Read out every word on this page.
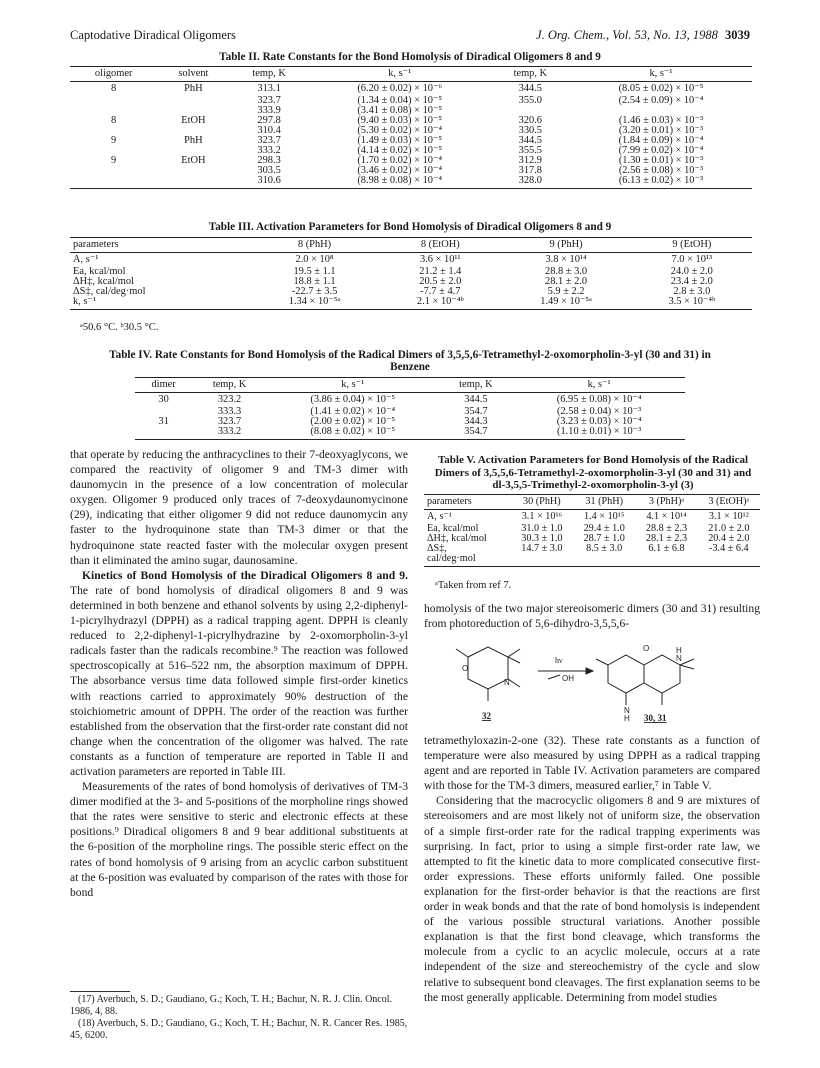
Captodative Diradical Oligomers	J. Org. Chem., Vol. 53, No. 13, 1988 3039
Table II. Rate Constants for the Bond Homolysis of Diradical Oligomers 8 and 9
oligomer	solvent	temp, K	k, s⁻¹	temp, K	k, s⁻¹
8	PhH	313.1	(6.20 ± 0.02) × 10⁻⁶	344.5	(8.05 ± 0.02) × 10⁻⁵
		323.7	(1.34 ± 0.04) × 10⁻⁵	355.0	(2.54 ± 0.09) × 10⁻⁴
		333.9	(3.41 ± 0.08) × 10⁻⁵		
8	EtOH	297.8	(9.40 ± 0.03) × 10⁻⁵	320.6	(1.46 ± 0.03) × 10⁻³
		310.4	(5.30 ± 0.02) × 10⁻⁴	330.5	(3.20 ± 0.01) × 10⁻³
9	PhH	323.7	(1.49 ± 0.03) × 10⁻⁵	344.5	(1.84 ± 0.09) × 10⁻⁴
		333.2	(4.14 ± 0.02) × 10⁻⁵	355.5	(7.99 ± 0.02) × 10⁻⁴
9	EtOH	298.3	(1.70 ± 0.02) × 10⁻⁴	312.9	(1.30 ± 0.01) × 10⁻³
		303.5	(3.46 ± 0.02) × 10⁻⁴	317.8	(2.56 ± 0.08) × 10⁻³
		310.6	(8.98 ± 0.08) × 10⁻⁴	328.0	(6.13 ± 0.02) × 10⁻³
Table III. Activation Parameters for Bond Homolysis of Diradical Oligomers 8 and 9
parameters	8 (PhH)	8 (EtOH)	9 (PhH)	9 (EtOH)
A, s⁻¹	2.0 × 10⁸	3.6 × 10¹¹	3.8 × 10¹⁴	7.0 × 10¹³
Ea, kcal/mol	19.5 ± 1.1	21.2 ± 1.4	28.8 ± 3.0	24.0 ± 2.0
ΔH‡, kcal/mol	18.8 ± 1.1	20.5 ± 2.0	28.1 ± 2.0	23.4 ± 2.0
ΔS‡, cal/deg·mol	-22.7 ± 3.5	-7.7 ± 4.7	5.9 ± 2.2	2.8 ± 3.0
k, s⁻¹	1.34 × 10⁻⁵ᵃ	2.1 × 10⁻⁴ᵇ	1.49 × 10⁻⁵ᵃ	3.5 × 10⁻⁴ᵇ
ᵃ50.6 °C. ᵇ30.5 °C.
Table IV. Rate Constants for Bond Homolysis of the Radical Dimers of 3,5,5,6-Tetramethyl-2-oxomorpholin-3-yl (30 and 31) in
Benzene
dimer	temp, K	k, s⁻¹	temp, K	k, s⁻¹
30	323.2	(3.86 ± 0.04) × 10⁻⁵	344.5	(6.95 ± 0.08) × 10⁻⁴
	333.3	(1.41 ± 0.02) × 10⁻⁴	354.7	(2.58 ± 0.04) × 10⁻³
31	323.7	(2.00 ± 0.02) × 10⁻⁵	344.3	(3.23 ± 0.03) × 10⁻⁴
	333.2	(8.08 ± 0.02) × 10⁻⁵	354.7	(1.10 ± 0.01) × 10⁻³

that operate by reducing the anthracyclines to their 7-deoxyaglycons, we compared the reactivity of oligomer 9 and TM-3 dimer with daunomycin in the presence of a low concentration of molecular oxygen. Oligomer 9 produced only traces of 7-deoxydaunomycinone (29), indicating that either oligomer 9 did not reduce daunomycin any faster to the hydroquinone state than TM-3 dimer or that the hydroquinone state reacted faster with the molecular oxygen present than it eliminated the amino sugar, daunosamine.

Kinetics of Bond Homolysis of the Diradical Oligomers 8 and 9. The rate of bond homolysis of diradical oligomers 8 and 9 was determined in both benzene and ethanol solvents by using 2,2-diphenyl-1-picrylhydrazyl (DPPH) as a radical trapping agent. DPPH is cleanly reduced to 2,2-diphenyl-1-picrylhydrazine by 2-oxomorpholin-3-yl radicals faster than the radicals recombine.⁹ The reaction was followed spectroscopically at 516–522 nm, the absorption maximum of DPPH. The absorbance versus time data followed simple first-order kinetics with reactions carried to approximately 90% destruction of the stoichiometric amount of DPPH. The order of the reaction was further established from the observation that the first-order rate constant did not change when the concentration of the oligomer was halved. The rate constants as a function of temperature are reported in Table II and activation parameters are reported in Table III.

Measurements of the rates of bond homolysis of derivatives of TM-3 dimer modified at the 3- and 5-positions of the morpholine rings showed that the rates were sensitive to steric and electronic effects at these positions.⁹ Diradical oligomers 8 and 9 bear additional substituents at the 6-position of the morpholine rings. The possible steric effect on the rates of bond homolysis of 9 arising from an acyclic carbon substituent at the 6-position was evaluated by comparison of the rates with those for bond

(17) Averbuch, S. D.; Gaudiano, G.; Koch, T. H.; Bachur, N. R. J. Clin. Oncol. 1986, 4, 88.

(18) Averbuch, S. D.; Gaudiano, G.; Koch, T. H.; Bachur, N. R. Cancer Res. 1985, 45, 6200.

Table V. Activation Parameters for Bond Homolysis of the Radical Dimers of 3,5,5,6-Tetramethyl-2-oxomorpholin-3-yl (30 and 31) and dl-3,5,5-Trimethyl-2-oxomorpholin-3-yl (3)
parameters	30 (PhH)	31 (PhH)	3 (PhH)ᵃ	3 (EtOH)ᵃ
A, s⁻¹	3.1 × 10¹⁶	1.4 × 10¹⁵	4.1 × 10¹⁴	3.1 × 10¹²
Ea, kcal/mol	31.0 ± 1.0	29.4 ± 1.0	28.8 ± 2.3	21.0 ± 2.0
ΔH‡, kcal/mol	30.3 ± 1.0	28.7 ± 1.0	28.1 ± 2.3	20.4 ± 2.0
ΔS‡,	14.7 ± 3.0	8.5 ± 3.0	6.1 ± 6.8	-3.4 ± 6.4
cal/deg·mol				
ᵃTaken from ref 7.

homolysis of the two major stereoisomeric dimers (30 and 31) resulting from photoreduction of 5,6-dihydro-3,5,5,6-

O
N
O	H
N
N
H
hν
OH
32	30, 31

tetramethyloxazin-2-one (32). These rate constants as a function of temperature were also measured by using DPPH as a radical trapping agent and are reported in Table IV. Activation parameters are compared with those for the TM-3 dimers, measured earlier,⁷ in Table V.

Considering that the macrocyclic oligomers 8 and 9 are mixtures of stereoisomers and are most likely not of uniform size, the observation of a simple first-order rate for the radical trapping experiments was surprising. In fact, prior to using a simple first-order rate law, we attempted to fit the kinetic data to more complicated consecutive first-order expressions. These efforts uniformly failed. One possible explanation for the first-order behavior is that the reactions are first order in weak bonds and that the rate of bond homolysis is independent of the various possible structural variations. Another possible explanation is that the first bond cleavage, which transforms the molecule from a cyclic to an acyclic molecule, occurs at a rate independent of the size and stereochemistry of the cycle and slow relative to subsequent bond cleavages. The first explanation seems to be the most generally applicable. Determining from model studies
